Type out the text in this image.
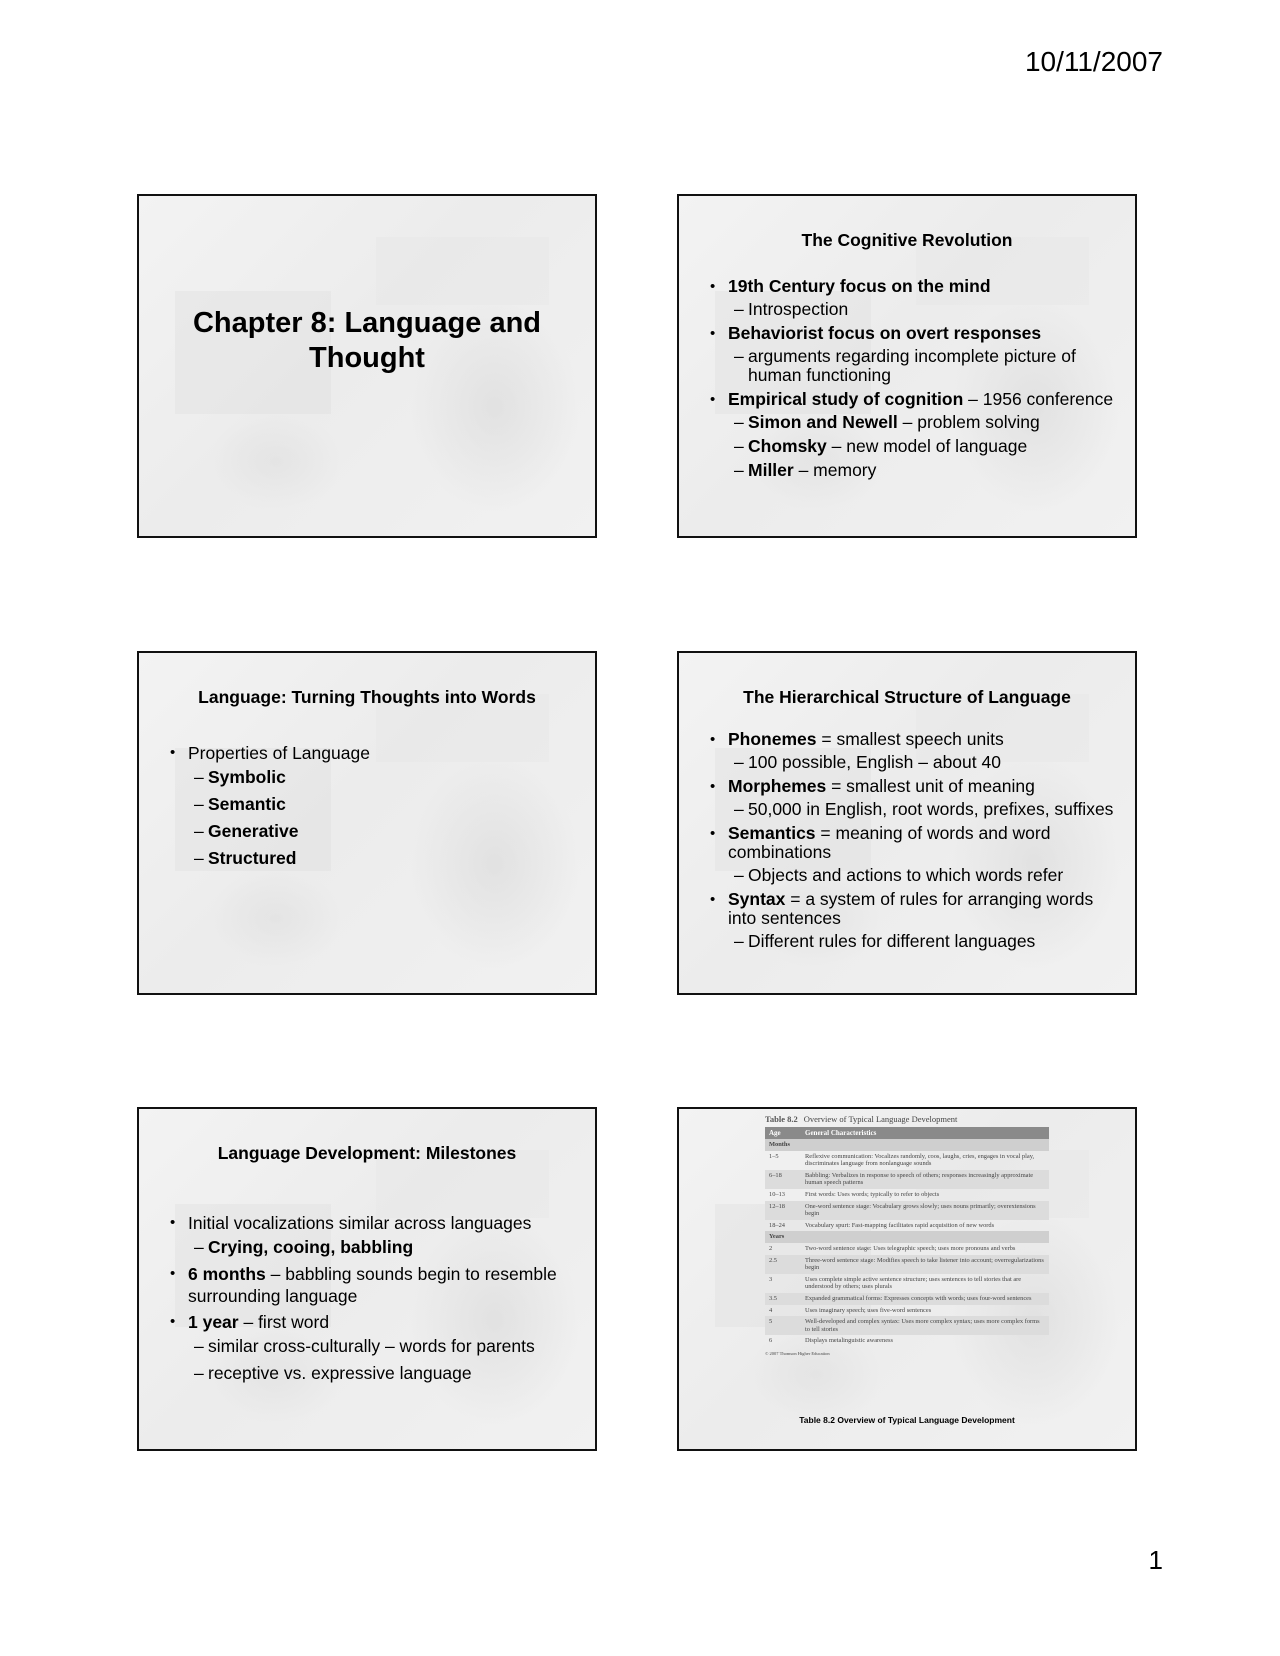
10/11/2007
Chapter 8: Language and
Thought
The Cognitive Revolution
• 19th Century focus on the mind
– Introspection
• Behaviorist focus on overt responses
– arguments regarding incomplete picture of human functioning
• Empirical study of cognition – 1956 conference
– Simon and Newell – problem solving
– Chomsky – new model of language
– Miller – memory
Language: Turning Thoughts into Words
• Properties of Language
– Symbolic
– Semantic
– Generative
– Structured
The Hierarchical Structure of Language
• Phonemes = smallest speech units
– 100 possible, English – about 40
• Morphemes = smallest unit of meaning
– 50,000 in English, root words, prefixes, suffixes
• Semantics = meaning of words and word combinations
– Objects and actions to which words refer
• Syntax = a system of rules for arranging words into sentences
– Different rules for different languages
Language Development: Milestones
• Initial vocalizations similar across languages
– Crying, cooing, babbling
• 6 months – babbling sounds begin to resemble surrounding language
• 1 year – first word
– similar cross-culturally – words for parents
– receptive vs. expressive language
Table 8.2 Overview of Typical Language Development
Age	General Characteristics
Months	
1–5	Reflexive communication: Vocalizes randomly, coos, laughs, cries, engages in vocal play, discriminates language from nonlanguage sounds
6–18	Babbling: Verbalizes in response to speech of others; responses increasingly approximate human speech patterns
10–13	First words: Uses words; typically to refer to objects
12–18	One-word sentence stage: Vocabulary grows slowly; uses nouns primarily; overextensions begin
18–24	Vocabulary spurt: Fast-mapping facilitates rapid acquisition of new words
Years	
2	Two-word sentence stage: Uses telegraphic speech; uses more pronouns and verbs
2.5	Three-word sentence stage: Modifies speech to take listener into account; overregularizations begin
3	Uses complete simple active sentence structure; uses sentences to tell stories that are understood by others; uses plurals
3.5	Expanded grammatical forms: Expresses concepts with words; uses four-word sentences
4	Uses imaginary speech; uses five-word sentences
5	Well-developed and complex syntax: Uses more complex syntax; uses more complex forms to tell stories
6	Displays metalinguistic awareness
© 2007 Thomson Higher Education
Table 8.2 Overview of Typical Language Development
1
